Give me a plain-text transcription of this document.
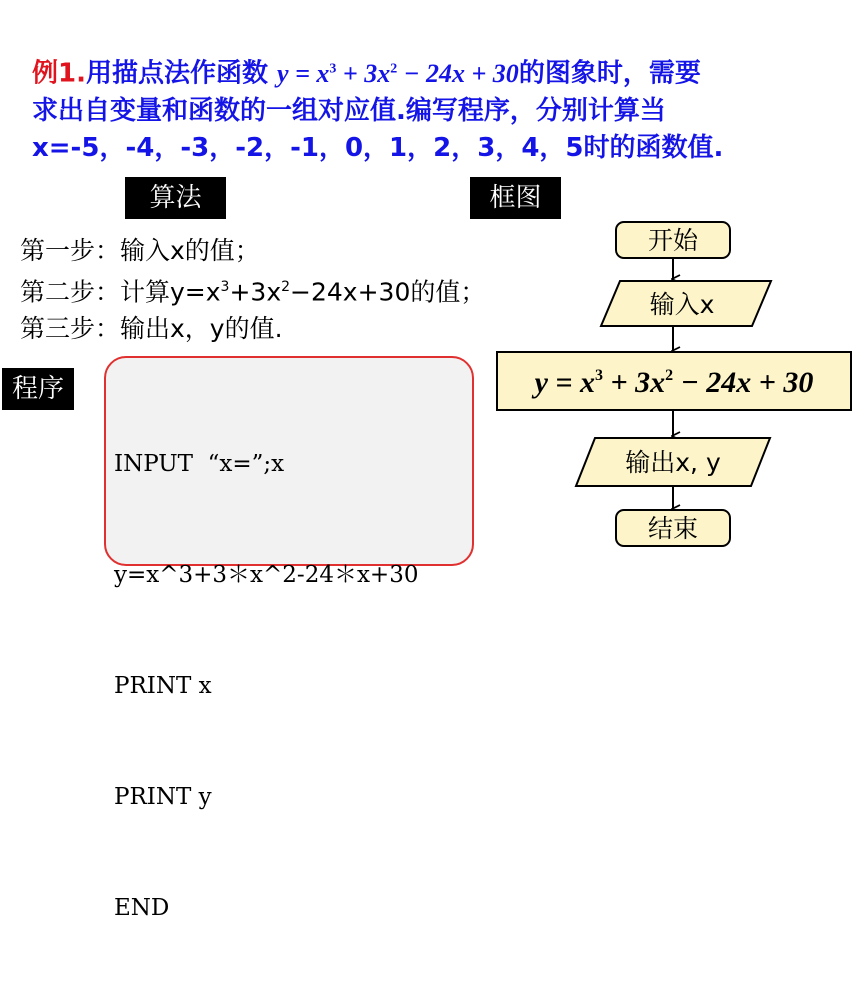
例1.用描点法作函数 $y = x^3 + 3x^2 - 24x + 30$的图象时，需要
求出自变量和函数的一组对应值.编写程序，分别计算当
x=-5，-4，-3，-2，-1，0，1，2，3，4，5时的函数值.
算法	框图
第一步：输入x的值；
第二步：计算$y=x^3+3x^2-24x+30$的值；
第三步：输出x，y的值.
程序

INPUT  “x=”;x

y=x^3+3＊x^2-24＊x+30

PRINT x

PRINT y

END

开始
输入x
$y = x^3 + 3x^2 - 24x + 30$
输出x, y
结束
